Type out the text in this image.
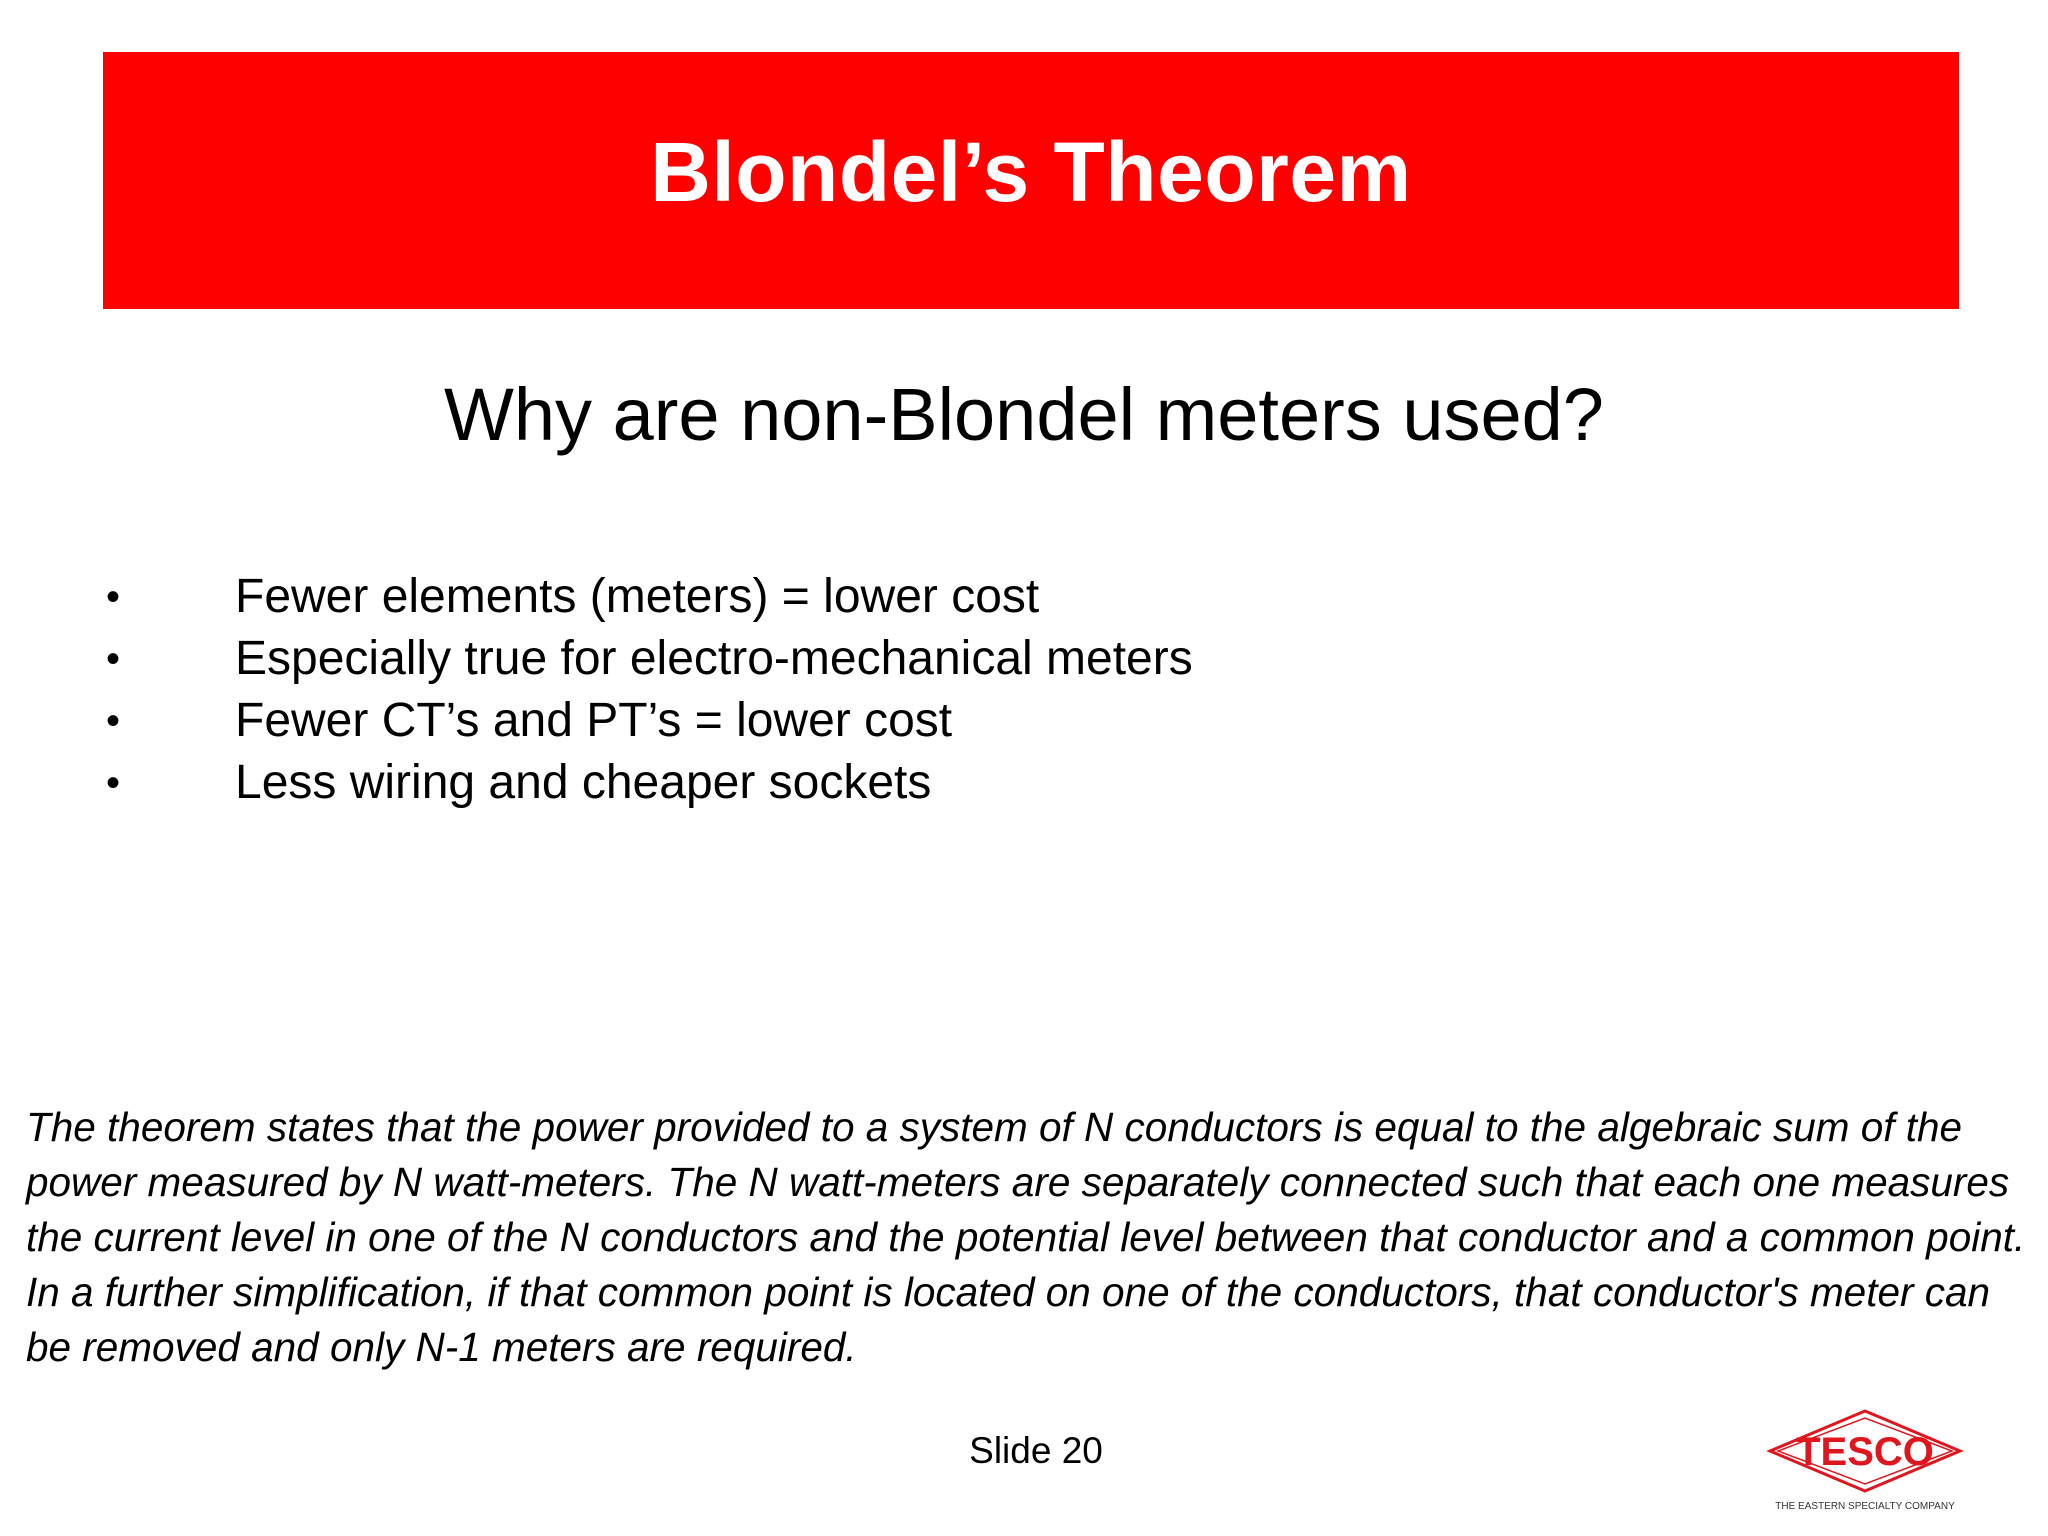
Blondel’s Theorem
Why are non-Blondel meters used?
• Fewer elements (meters) = lower cost
• Especially true for electro-mechanical meters
• Fewer CT’s and PT’s = lower cost
• Less wiring and cheaper sockets
The theorem states that the power provided to a system of N conductors is equal to the algebraic sum of the power measured by N watt-meters. The N watt-meters are separately connected such that each one measures the current level in one of the N conductors and the potential level between that conductor and a common point. In a further simplification, if that common point is located on one of the conductors, that conductor's meter can be removed and only N-1 meters are required.
Slide 20	TESCO
THE EASTERN SPECIALTY COMPANY
